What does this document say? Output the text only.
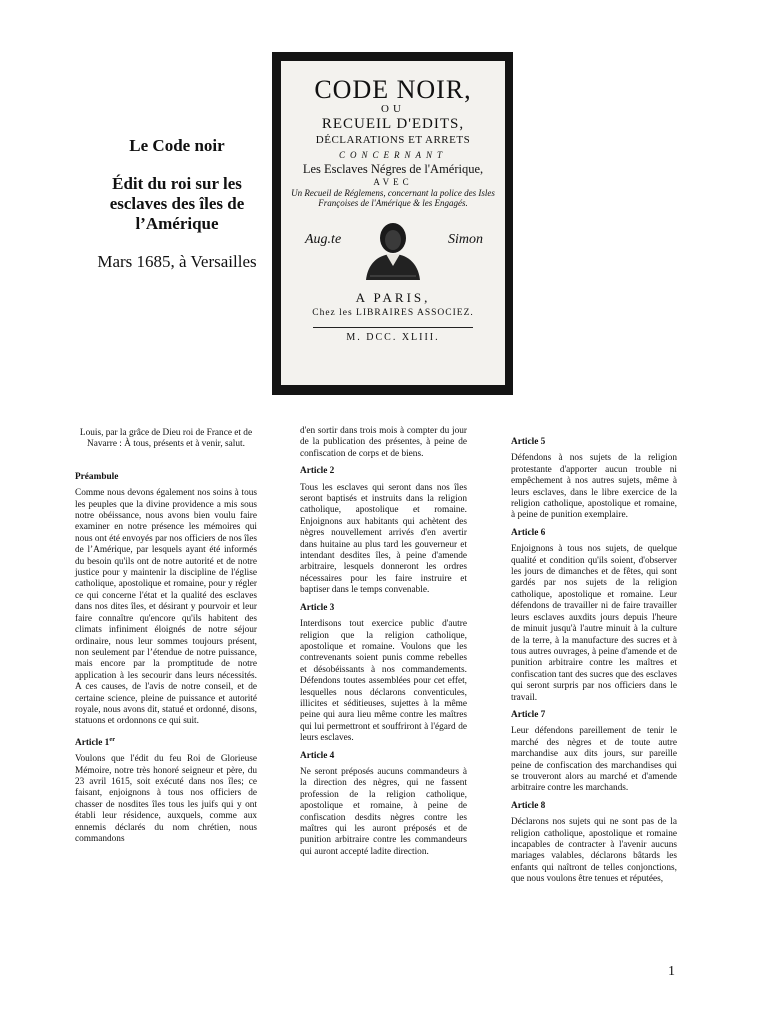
Le Code noir
Édit du roi sur les esclaves des îles de l’Amérique
Mars 1685, à Versailles
CODE NOIR,
OU
RECUEIL D'EDITS,
DÉCLARATIONS ET ARRETS
CONCERNANT
Les Esclaves Négres de l'Amérique,
AVEC
Un Recueil de Réglemens, concernant la police des Isles Françoises de l'Amérique & les Engagés.
Aug.te	Simon
A PARIS,
Chez les LIBRAIRES ASSOCIEZ.
M. DCC. XLIII.

Louis, par la grâce de Dieu roi de France et de Navarre : À tous, présents et à venir, salut.

Préambule

Comme nous devons également nos soins à tous les peuples que la divine providence a mis sous notre obéissance, nous avons bien voulu faire examiner en notre présence les mémoires qui nous ont été envoyés par nos officiers de nos îles de l’Amérique, par lesquels ayant été informés du besoin qu'ils ont de notre autorité et de notre justice pour y maintenir la discipline de l'église catholique, apostolique et romaine, pour y régler ce qui concerne l'état et la qualité des esclaves dans nos dites îles, et désirant y pourvoir et leur faire connaître qu'encore qu'ils habitent des climats infiniment éloignés de notre séjour ordinaire, nous leur sommes toujours présent, non seulement par l’étendue de notre puissance, mais encore par la promptitude de notre application à les secourir dans leurs nécessités. A ces causes, de l'avis de notre conseil, et de certaine science, pleine de puissance et autorité royale, nous avons dit, statué et ordonné, disons, statuons et ordonnons ce qui suit.

Article 1er

Voulons que l'édit du feu Roi de Glorieuse Mémoire, notre très honoré seigneur et père, du 23 avril 1615, soit exécuté dans nos îles; ce faisant, enjoignons à tous nos officiers de chasser de nosdites îles tous les juifs qui y ont établi leur résidence, auxquels, comme aux ennemis déclarés du nom chrétien, nous commandons

d'en sortir dans trois mois à compter du jour de la publication des présentes, à peine de confiscation de corps et de biens.

Article 2

Tous les esclaves qui seront dans nos îles seront baptisés et instruits dans la religion catholique, apostolique et romaine. Enjoignons aux habitants qui achètent des nègres nouvellement arrivés d'en avertir dans huitaine au plus tard les gouverneur et intendant desdites îles, à peine d'amende arbitraire, lesquels donneront les ordres nécessaires pour les faire instruire et baptiser dans le temps convenable.

Article 3

Interdisons tout exercice public d'autre religion que la religion catholique, apostolique et romaine. Voulons que les contrevenants soient punis comme rebelles et désobéissants à nos commandements. Défendons toutes assemblées pour cet effet, lesquelles nous déclarons conventicules, illicites et séditieuses, sujettes à la même peine qui aura lieu même contre les maîtres qui lui permettront et souffriront à l'égard de leurs esclaves.

Article 4

Ne seront préposés aucuns commandeurs à la direction des nègres, qui ne fassent profession de la religion catholique, apostolique et romaine, à peine de confiscation desdits nègres contre les maîtres qui les auront préposés et de punition arbitraire contre les commandeurs qui auront accepté ladite direction.

Article 5

Défendons à nos sujets de la religion protestante d'apporter aucun trouble ni empêchement à nos autres sujets, même à leurs esclaves, dans le libre exercice de la religion catholique, apostolique et romaine, à peine de punition exemplaire.

Article 6

Enjoignons à tous nos sujets, de quelque qualité et condition qu'ils soient, d'observer les jours de dimanches et de fêtes, qui sont gardés par nos sujets de la religion catholique, apostolique et romaine. Leur défendons de travailler ni de faire travailler leurs esclaves auxdits jours depuis l'heure de minuit jusqu'à l'autre minuit à la culture de la terre, à la manufacture des sucres et à tous autres ouvrages, à peine d'amende et de punition arbitraire contre les maîtres et confiscation tant des sucres que des esclaves qui seront surpris par nos officiers dans le travail.

Article 7

Leur défendons pareillement de tenir le marché des nègres et de toute autre marchandise aux dits jours, sur pareille peine de confiscation des marchandises qui se trouveront alors au marché et d'amende arbitraire contre les marchands.

Article 8

Déclarons nos sujets qui ne sont pas de la religion catholique, apostolique et romaine incapables de contracter à l'avenir aucuns mariages valables, déclarons bâtards les enfants qui naîtront de telles conjonctions, que nous voulons être tenues et réputées,

1
